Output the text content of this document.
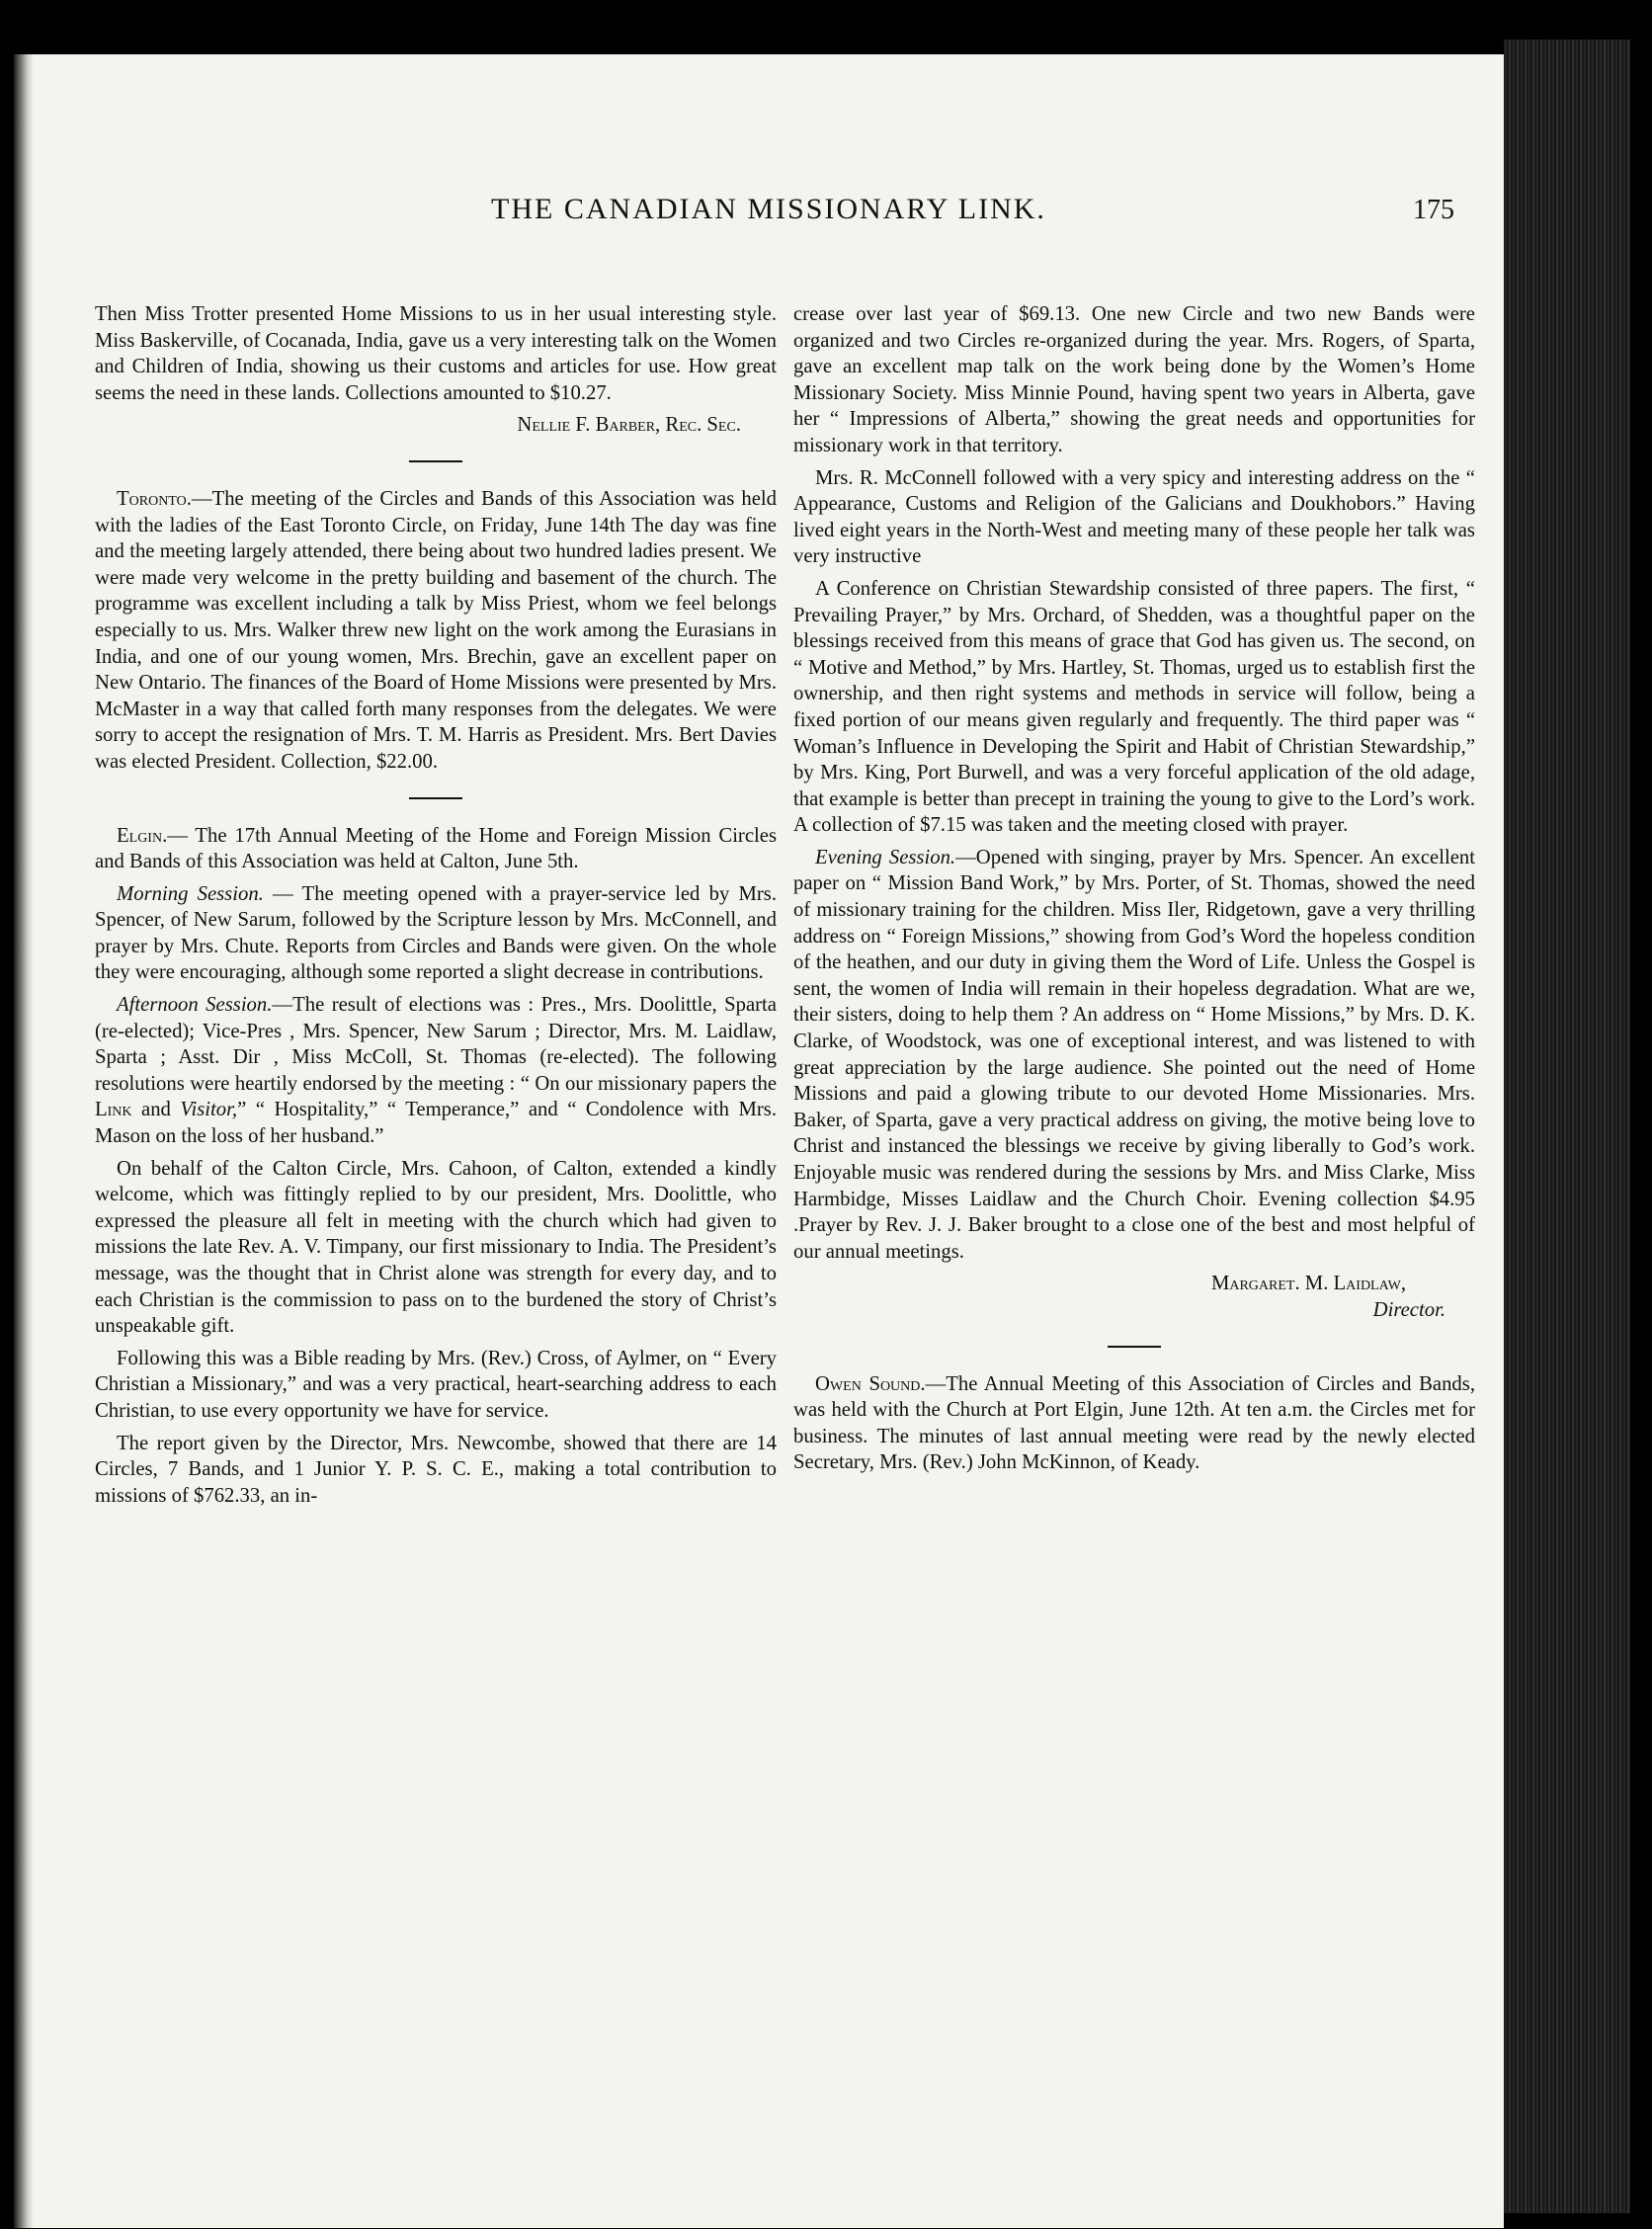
THE CANADIAN MISSIONARY LINK.	175

Then Miss Trotter presented Home Missions to us in her usual interesting style. Miss Baskerville, of Cocanada, India, gave us a very interesting talk on the Women and Children of India, showing us their customs and articles for use. How great seems the need in these lands. Collections amounted to $10.27.

Nellie F. Barber, Rec. Sec.

Toronto.—The meeting of the Circles and Bands of this Association was held with the ladies of the East Toronto Circle, on Friday, June 14th The day was fine and the meeting largely attended, there being about two hundred ladies present. We were made very welcome in the pretty building and basement of the church. The programme was excellent including a talk by Miss Priest, whom we feel belongs especially to us. Mrs. Walker threw new light on the work among the Eurasians in India, and one of our young women, Mrs. Brechin, gave an excellent paper on New Ontario. The finances of the Board of Home Missions were presented by Mrs. McMaster in a way that called forth many responses from the delegates. We were sorry to accept the resignation of Mrs. T. M. Harris as President. Mrs. Bert Davies was elected President. Collection, $22.00.

Elgin.— The 17th Annual Meeting of the Home and Foreign Mission Circles and Bands of this Association was held at Calton, June 5th.

Morning Session. — The meeting opened with a prayer-service led by Mrs. Spencer, of New Sarum, followed by the Scripture lesson by Mrs. McConnell, and prayer by Mrs. Chute. Reports from Circles and Bands were given. On the whole they were encouraging, although some reported a slight decrease in contributions.

Afternoon Session.—The result of elections was : Pres., Mrs. Doolittle, Sparta (re-elected); Vice-Pres , Mrs. Spencer, New Sarum ; Director, Mrs. M. Laidlaw, Sparta ; Asst. Dir , Miss McColl, St. Thomas (re-elected). The following resolutions were heartily endorsed by the meeting : “ On our missionary papers the Link and Visitor,” “ Hospitality,” “ Temperance,” and “ Condolence with Mrs. Mason on the loss of her husband.”

On behalf of the Calton Circle, Mrs. Cahoon, of Calton, extended a kindly welcome, which was fittingly replied to by our president, Mrs. Doolittle, who expressed the pleasure all felt in meeting with the church which had given to missions the late Rev. A. V. Timpany, our first missionary to India. The President’s message, was the thought that in Christ alone was strength for every day, and to each Christian is the commission to pass on to the burdened the story of Christ’s unspeakable gift.

Following this was a Bible reading by Mrs. (Rev.) Cross, of Aylmer, on “ Every Christian a Missionary,” and was a very practical, heart-searching address to each Christian, to use every opportunity we have for service.

The report given by the Director, Mrs. Newcombe, showed that there are 14 Circles, 7 Bands, and 1 Junior Y. P. S. C. E., making a total contribution to missions of $762.33, an in-

crease over last year of $69.13. One new Circle and two new Bands were organized and two Circles re-organized during the year. Mrs. Rogers, of Sparta, gave an excellent map talk on the work being done by the Women’s Home Missionary Society. Miss Minnie Pound, having spent two years in Alberta, gave her “ Impressions of Alberta,” showing the great needs and opportunities for missionary work in that territory.

Mrs. R. McConnell followed with a very spicy and interesting address on the “ Appearance, Customs and Religion of the Galicians and Doukhobors.” Having lived eight years in the North-West and meeting many of these people her talk was very instructive

A Conference on Christian Stewardship consisted of three papers. The first, “ Prevailing Prayer,” by Mrs. Orchard, of Shedden, was a thoughtful paper on the blessings received from this means of grace that God has given us. The second, on “ Motive and Method,” by Mrs. Hartley, St. Thomas, urged us to establish first the ownership, and then right systems and methods in service will follow, being a fixed portion of our means given regularly and frequently. The third paper was “ Woman’s Influence in Developing the Spirit and Habit of Christian Stewardship,” by Mrs. King, Port Burwell, and was a very forceful application of the old adage, that example is better than precept in training the young to give to the Lord’s work. A collection of $7.15 was taken and the meeting closed with prayer.

Evening Session.—Opened with singing, prayer by Mrs. Spencer. An excellent paper on “ Mission Band Work,” by Mrs. Porter, of St. Thomas, showed the need of missionary training for the children. Miss Iler, Ridgetown, gave a very thrilling address on “ Foreign Missions,” showing from God’s Word the hopeless condition of the heathen, and our duty in giving them the Word of Life. Unless the Gospel is sent, the women of India will remain in their hopeless degradation. What are we, their sisters, doing to help them ? An address on “ Home Missions,” by Mrs. D. K. Clarke, of Woodstock, was one of exceptional interest, and was listened to with great appreciation by the large audience. She pointed out the need of Home Missions and paid a glowing tribute to our devoted Home Missionaries. Mrs. Baker, of Sparta, gave a very practical address on giving, the motive being love to Christ and instanced the blessings we receive by giving liberally to God’s work. Enjoyable music was rendered during the sessions by Mrs. and Miss Clarke, Miss Harmbidge, Misses Laidlaw and the Church Choir. Evening collection $4.95 .Prayer by Rev. J. J. Baker brought to a close one of the best and most helpful of our annual meetings.

Margaret. M. Laidlaw,
Director.

Owen Sound.—The Annual Meeting of this Association of Circles and Bands, was held with the Church at Port Elgin, June 12th. At ten a.m. the Circles met for business. The minutes of last annual meeting were read by the newly elected Secretary, Mrs. (Rev.) John McKinnon, of Keady.
